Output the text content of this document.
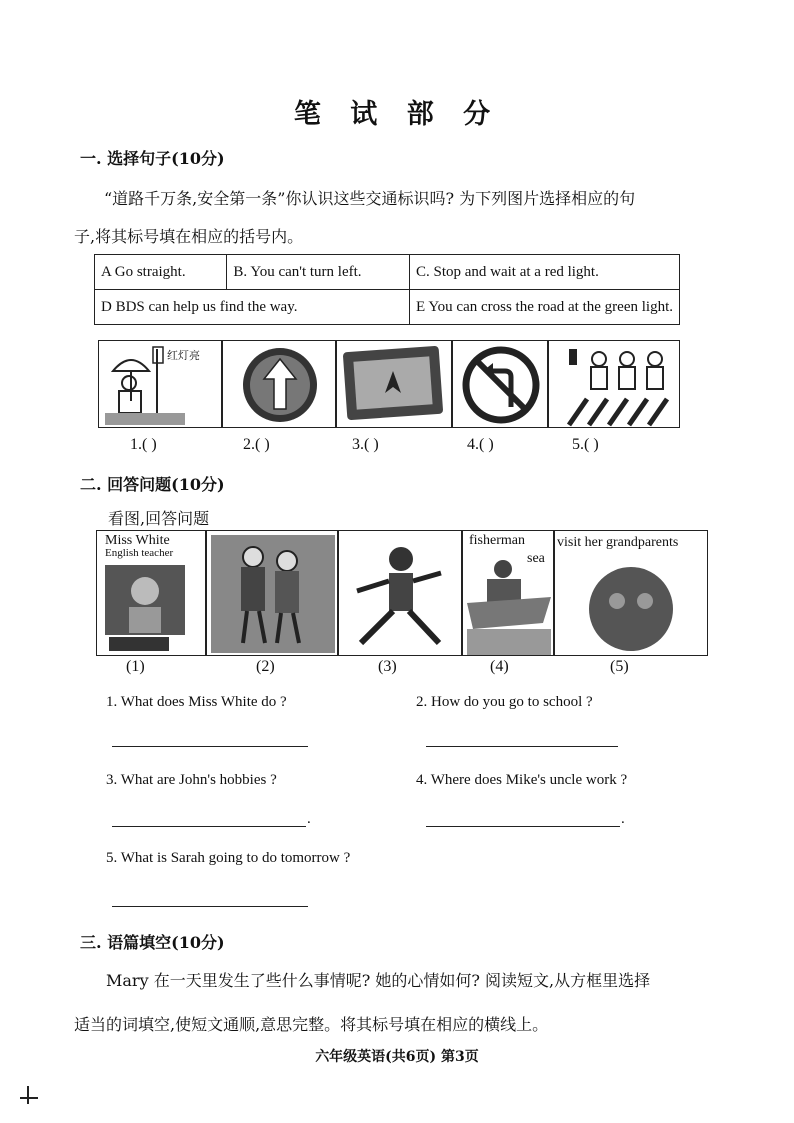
笔 试 部 分
一. 选择句子(10分)
“道路千万条,安全第一条”你认识这些交通标识吗? 为下列图片选择相应的句
子,将其标号填在相应的括号内。
A Go straight.	B. You can't turn left.	C. Stop and wait at a red light.
D BDS can help us find the way.		E You can cross the road at the green light.
红灯亮
1.( )	2.( )	3.( )	4.( )	5.( )
二. 回答问题(10分)
看图,回答问题
Miss White
English teacher
fisherman
sea
visit her grandparents
(1)	(2)	(3)	(4)	(5)
1. What does Miss White do ?	2. How do you go to school ?
3. What are John's hobbies ?	4. Where does Mike's uncle work ?
.	.
5. What is Sarah going to do tomorrow ?
三. 语篇填空(10分)
Mary 在一天里发生了些什么事情呢? 她的心情如何? 阅读短文,从方框里选择
适当的词填空,使短文通顺,意思完整。将其标号填在相应的横线上。
六年级英语(共6页) 第3页
